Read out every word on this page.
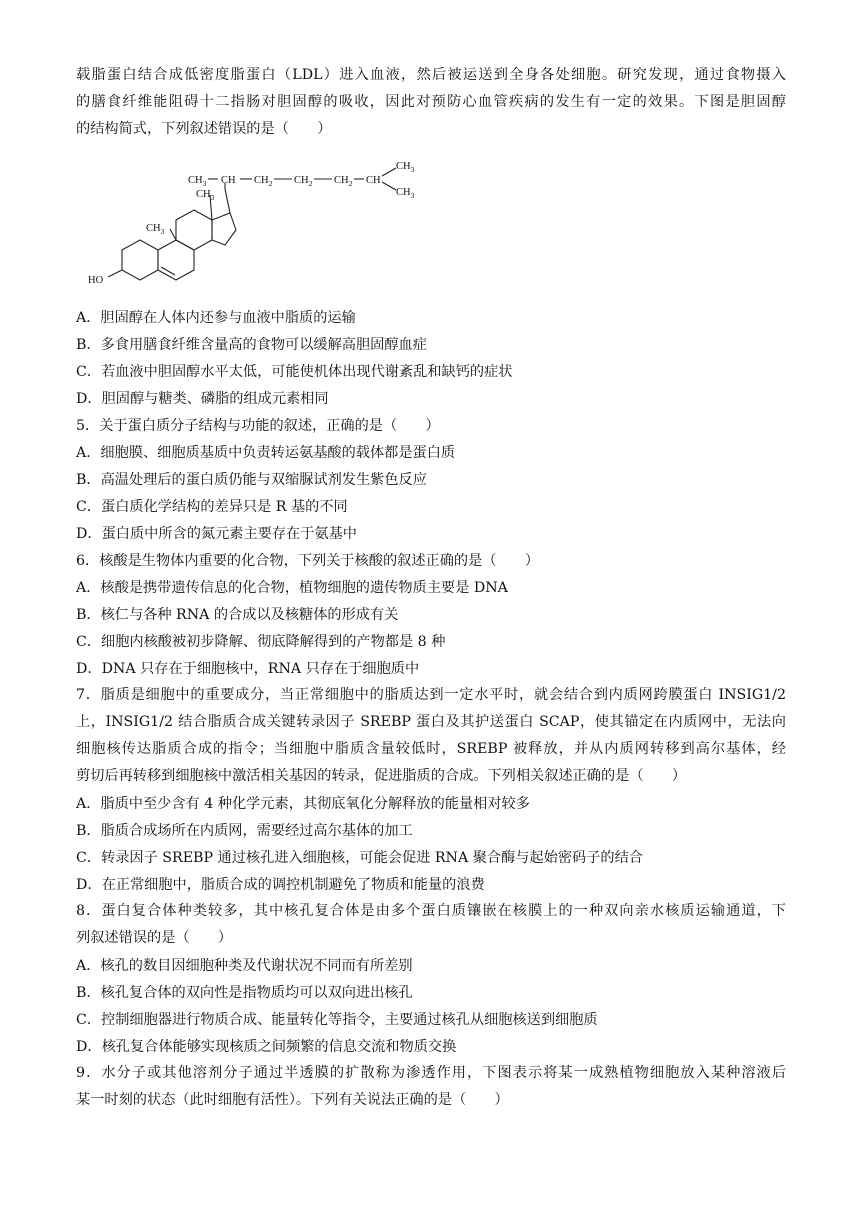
载脂蛋白结合成低密度脂蛋白（LDL）进入血液，然后被运送到全身各处细胞。研究发现，通过食物摄入
的膳食纤维能阻碍十二指肠对胆固醇的吸收，因此对预防心血管疾病的发生有一定的效果。下图是胆固醇
的结构简式，下列叙述错误的是（　　）
$CH_3$ CH $CH_2$ $CH_2$ $CH_2$ CH
$CH_3$
$CH_3$
$CH_3$
$CH_3$
HO
A．胆固醇在人体内还参与血液中脂质的运输
B．多食用膳食纤维含量高的食物可以缓解高胆固醇血症
C．若血液中胆固醇水平太低，可能使机体出现代谢紊乱和缺钙的症状
D．胆固醇与糖类、磷脂的组成元素相同
5．关于蛋白质分子结构与功能的叙述，正确的是（　　）
A．细胞膜、细胞质基质中负责转运氨基酸的载体都是蛋白质
B．高温处理后的蛋白质仍能与双缩脲试剂发生紫色反应
C．蛋白质化学结构的差异只是 R 基的不同
D．蛋白质中所含的氮元素主要存在于氨基中
6．核酸是生物体内重要的化合物，下列关于核酸的叙述正确的是（　　）
A．核酸是携带遗传信息的化合物，植物细胞的遗传物质主要是 DNA
B．核仁与各种 RNA 的合成以及核糖体的形成有关
C．细胞内核酸被初步降解、彻底降解得到的产物都是 8 种
D．DNA 只存在于细胞核中，RNA 只存在于细胞质中
7．脂质是细胞中的重要成分，当正常细胞中的脂质达到一定水平时，就会结合到内质网跨膜蛋白 INSIG1/2
上，INSIG1/2 结合脂质合成关键转录因子 SREBP 蛋白及其护送蛋白 SCAP，使其锚定在内质网中，无法向
细胞核传达脂质合成的指令；当细胞中脂质含量较低时，SREBP 被释放，并从内质网转移到高尔基体，经
剪切后再转移到细胞核中激活相关基因的转录，促进脂质的合成。下列相关叙述正确的是（　　）
A．脂质中至少含有 4 种化学元素，其彻底氧化分解释放的能量相对较多
B．脂质合成场所在内质网，需要经过高尔基体的加工
C．转录因子 SREBP 通过核孔进入细胞核，可能会促进 RNA 聚合酶与起始密码子的结合
D．在正常细胞中，脂质合成的调控机制避免了物质和能量的浪费
8．蛋白复合体种类较多，其中核孔复合体是由多个蛋白质镶嵌在核膜上的一种双向亲水核质运输通道，下
列叙述错误的是（　　）
A．核孔的数目因细胞种类及代谢状况不同而有所差别
B．核孔复合体的双向性是指物质均可以双向进出核孔
C．控制细胞器进行物质合成、能量转化等指令，主要通过核孔从细胞核送到细胞质
D．核孔复合体能够实现核质之间频繁的信息交流和物质交换
9．水分子或其他溶剂分子通过半透膜的扩散称为渗透作用，下图表示将某一成熟植物细胞放入某种溶液后
某一时刻的状态（此时细胞有活性）。下列有关说法正确的是（　　）
